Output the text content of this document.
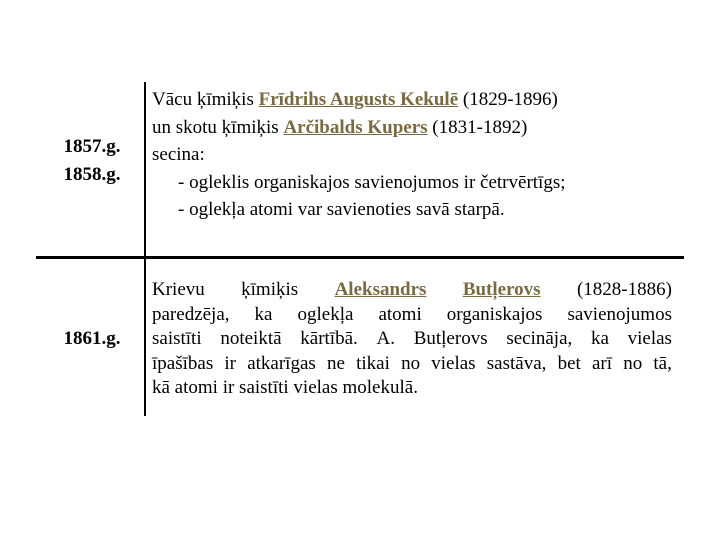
1857.g.
1858.g.
Vācu ķīmiķis Frīdrihs Augusts Kekulē (1829-1896)
un skotu ķīmiķis Arčibalds Kupers (1831-1892)
secina:
- ogleklis organiskajos savienojumos ir četrvērtīgs;
- oglekļa atomi var savienoties savā starpā.
1861.g.
Krievu ķīmiķis Aleksandrs Butļerovs (1828-1886)
paredzēja, ka oglekļa atomi organiskajos savienojumos
saistīti noteiktā kārtībā. A. Butļerovs secināja, ka vielas
īpašības ir atkarīgas ne tikai no vielas sastāva, bet arī no tā,
kā atomi ir saistīti vielas molekulā.
